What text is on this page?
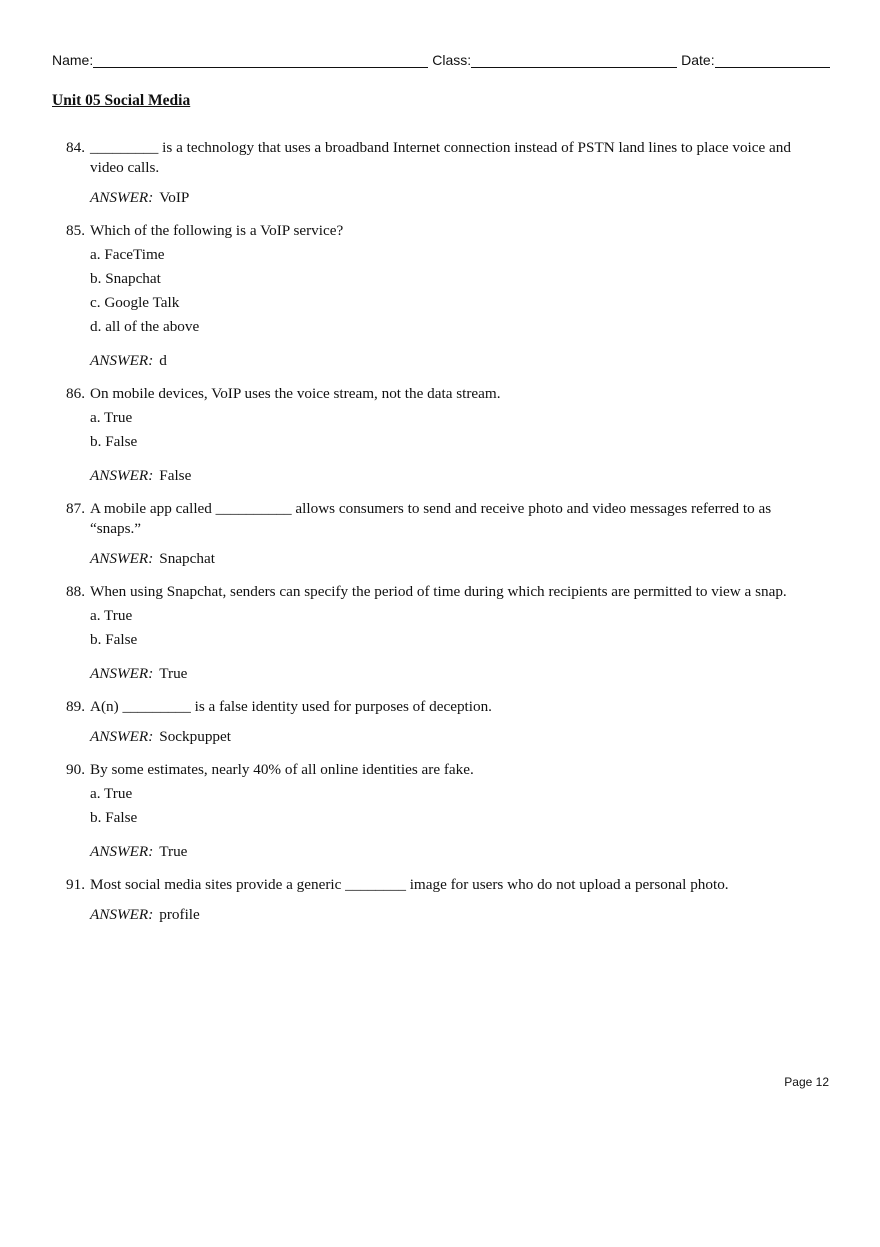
Name:	Class:	Date:
Unit 05 Social Media
84. _________ is a technology that uses a broadband Internet connection instead of PSTN land lines to place voice and video calls.

ANSWER: VoIP
85. Which of the following is a VoIP service?

a. FaceTime
b. Snapchat
c. Google Talk
d. all of the above
ANSWER: d
86. On mobile devices, VoIP uses the voice stream, not the data stream.

a. True
b. False
ANSWER: False
87. A mobile app called __________ allows consumers to send and receive photo and video messages referred to as “snaps.”

ANSWER: Snapchat
88. When using Snapchat, senders can specify the period of time during which recipients are permitted to view a snap.

a. True
b. False
ANSWER: True
89. A(n) _________ is a false identity used for purposes of deception.

ANSWER: Sockpuppet
90. By some estimates, nearly 40% of all online identities are fake.

a. True
b. False
ANSWER: True
91. Most social media sites provide a generic ________ image for users who do not upload a personal photo.

ANSWER: profile
Page 12
